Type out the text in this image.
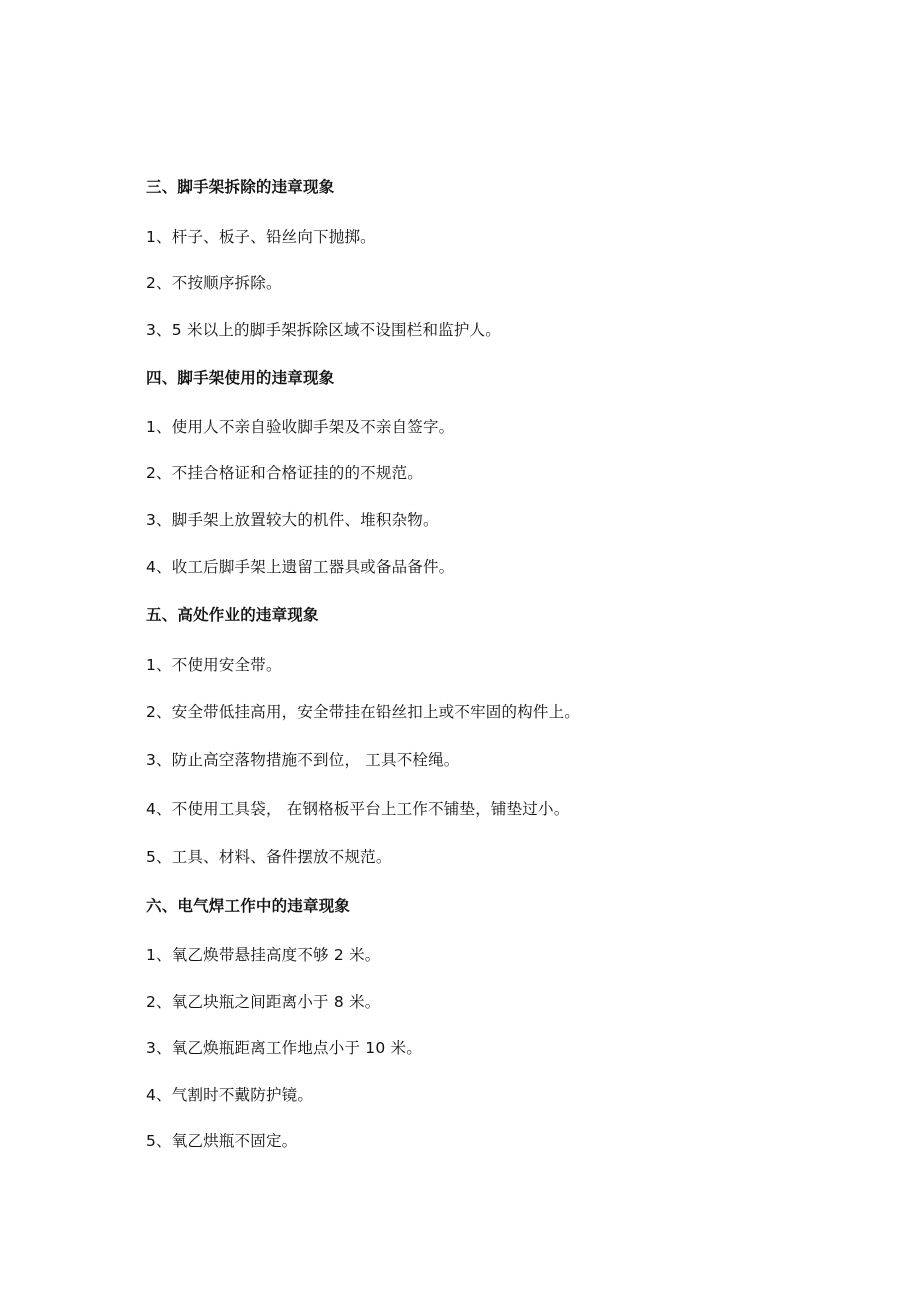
三、脚手架拆除的违章现象
1、杆子、板子、铅丝向下抛掷。
2、不按顺序拆除。
3、5 米以上的脚手架拆除区域不设围栏和监护人。
四、脚手架使用的违章现象
1、使用人不亲自验收脚手架及不亲自签字。
2、不挂合格证和合格证挂的的不规范。
3、脚手架上放置较大的机件、堆积杂物。
4、收工后脚手架上遗留工器具或备品备件。
五、高处作业的违章现象
1、不使用安全带。
2、安全带低挂高用，安全带挂在铅丝扣上或不牢固的构件上。
3、防止高空落物措施不到位， 工具不栓绳。
4、不使用工具袋， 在钢格板平台上工作不铺垫，铺垫过小。
5、工具、材料、备件摆放不规范。
六、电气焊工作中的违章现象
1、氧乙焕带悬挂高度不够 2 米。
2、氧乙块瓶之间距离小于 8 米。
3、氧乙焕瓶距离工作地点小于 10 米。
4、气割时不戴防护镜。
5、氧乙烘瓶不固定。
